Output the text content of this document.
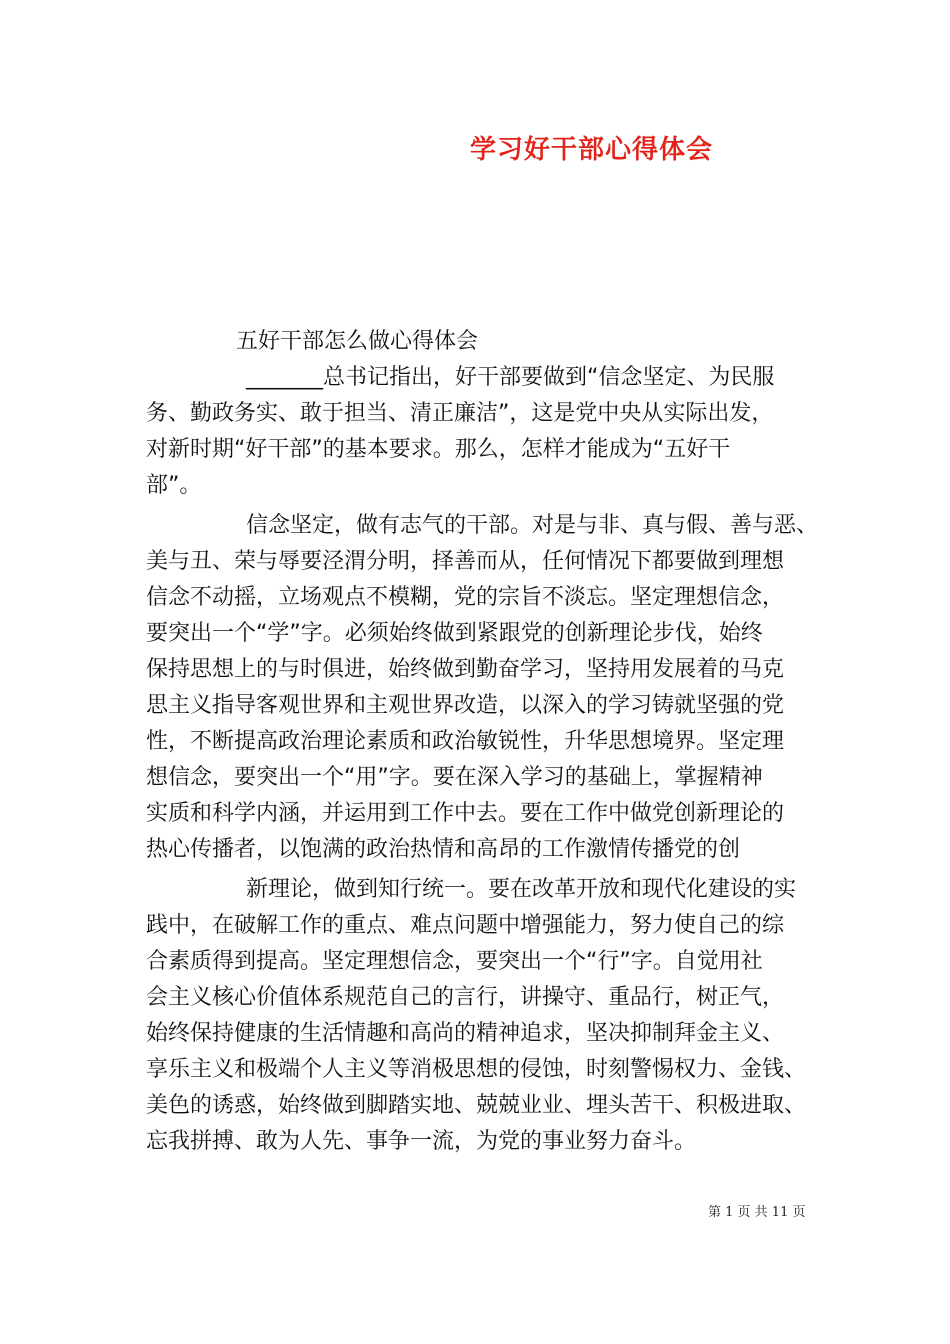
学习好干部心得体会
五好干部怎么做心得体会
_______总书记指出，好干部要做到“信念坚定、为民服
务、勤政务实、敢于担当、清正廉洁”，这是党中央从实际出发，
对新时期“好干部”的基本要求。那么，怎样才能成为“五好干
部”。
信念坚定，做有志气的干部。对是与非、真与假、善与恶、
美与丑、荣与辱要泾渭分明，择善而从，任何情况下都要做到理想
信念不动摇，立场观点不模糊，党的宗旨不淡忘。坚定理想信念，
要突出一个“学”字。必须始终做到紧跟党的创新理论步伐，始终
保持思想上的与时俱进，始终做到勤奋学习，坚持用发展着的马克
思主义指导客观世界和主观世界改造，以深入的学习铸就坚强的党
性，不断提高政治理论素质和政治敏锐性，升华思想境界。坚定理
想信念，要突出一个“用”字。要在深入学习的基础上，掌握精神
实质和科学内涵，并运用到工作中去。要在工作中做党创新理论的
热心传播者，以饱满的政治热情和高昂的工作激情传播党的创
新理论，做到知行统一。要在改革开放和现代化建设的实
践中，在破解工作的重点、难点问题中增强能力，努力使自己的综
合素质得到提高。坚定理想信念，要突出一个“行”字。自觉用社
会主义核心价值体系规范自己的言行，讲操守、重品行，树正气，
始终保持健康的生活情趣和高尚的精神追求，坚决抑制拜金主义、
享乐主义和极端个人主义等消极思想的侵蚀，时刻警惕权力、金钱、
美色的诱惑，始终做到脚踏实地、兢兢业业、埋头苦干、积极进取、
忘我拼搏、敢为人先、事争一流，为党的事业努力奋斗。
第 1 页 共 11 页
